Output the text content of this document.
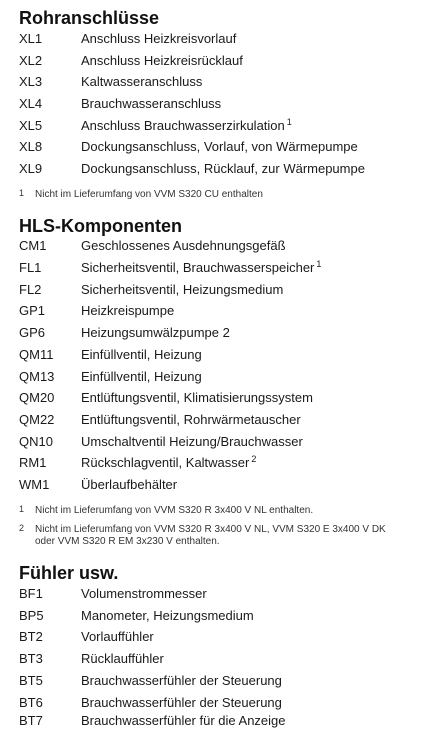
Rohranschlüsse
XL1	Anschluss Heizkreisvorlauf
XL2	Anschluss Heizkreisrücklauf
XL3	Kaltwasseranschluss
XL4	Brauchwasseranschluss
XL5	Anschluss Brauchwasserzirkulation $^1$
XL8	Dockungsanschluss, Vorlauf, von Wärmepumpe
XL9	Dockungsanschluss, Rücklauf, zur Wärmepumpe
1 Nicht im Lieferumfang von VVM S320 CU enthalten
HLS-Komponenten
CM1	Geschlossenes Ausdehnungsgefäß
FL1	Sicherheitsventil, Brauchwasserspeicher $^1$
FL2	Sicherheitsventil, Heizungsmedium
GP1	Heizkreispumpe
GP6	Heizungsumwälzpumpe 2
QM11 Einfüllventil, Heizung
QM13 Einfüllventil, Heizung
QM20 Entlüftungsventil, Klimatisierungssystem
QM22 Entlüftungsventil, Rohrwärmetauscher
QN10 Umschaltventil Heizung/Brauchwasser
RM1	Rückschlagventil, Kaltwasser $^2$
WM1 Überlaufbehälter
1 Nicht im Lieferumfang von VVM S320 R 3x400 V NL enthalten.
2 Nicht im Lieferumfang von VVM S320 R 3x400 V NL, VVM S320 E 3x400 V DK
oder VVM S320 R EM 3x230 V enthalten.
Fühler usw.
BF1	Volumenstrommesser
BP5	Manometer, Heizungsmedium
BT2	Vorlauffühler
BT3	Rücklauffühler
BT5	Brauchwasserfühler der Steuerung
BT6	Brauchwasserfühler der Steuerung
BT7	Brauchwasserfühler für die Anzeige
